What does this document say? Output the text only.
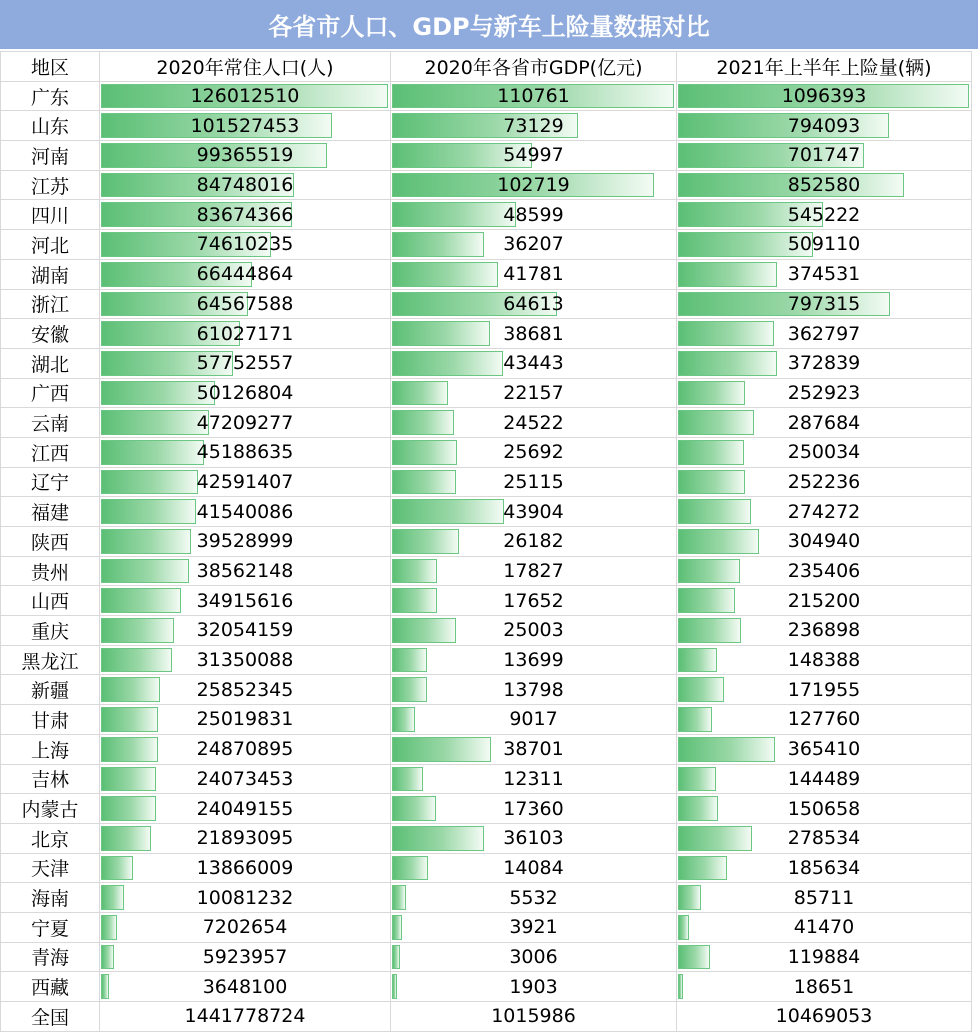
各省市人口、GDP与新车上险量数据对比
地区	2020年常住人口(人)	2020年各省市GDP(亿元)	2021年上半年上险量(辆)
广东	126012510	110761	1096393

山东	101527453	73129	794093

河南	99365519	54997	701747

江苏	84748016	102719	852580

四川	83674366	48599	545222

河北	74610235	36207	509110

湖南	66444864	41781	374531

浙江	64567588	64613	797315

安徽	61027171	38681	362797

湖北	57752557	43443	372839

广西	50126804	22157	252923

云南	47209277	24522	287684

江西	45188635	25692	250034

辽宁	42591407	25115	252236

福建	41540086	43904	274272

陕西	39528999	26182	304940

贵州	38562148	17827	235406

山西	34915616	17652	215200

重庆	32054159	25003	236898

黑龙江	31350088	13699	148388

新疆	25852345	13798	171955

甘肃	25019831	9017	127760

上海	24870895	38701	365410

吉林	24073453	12311	144489

内蒙古	24049155	17360	150658

北京	21893095	36103	278534

天津	13866009	14084	185634

海南	10081232	5532	85711

宁夏	7202654	3921	41470

青海	5923957	3006	119884

西藏	3648100	1903	18651

全国	1441778724	1015986	10469053
